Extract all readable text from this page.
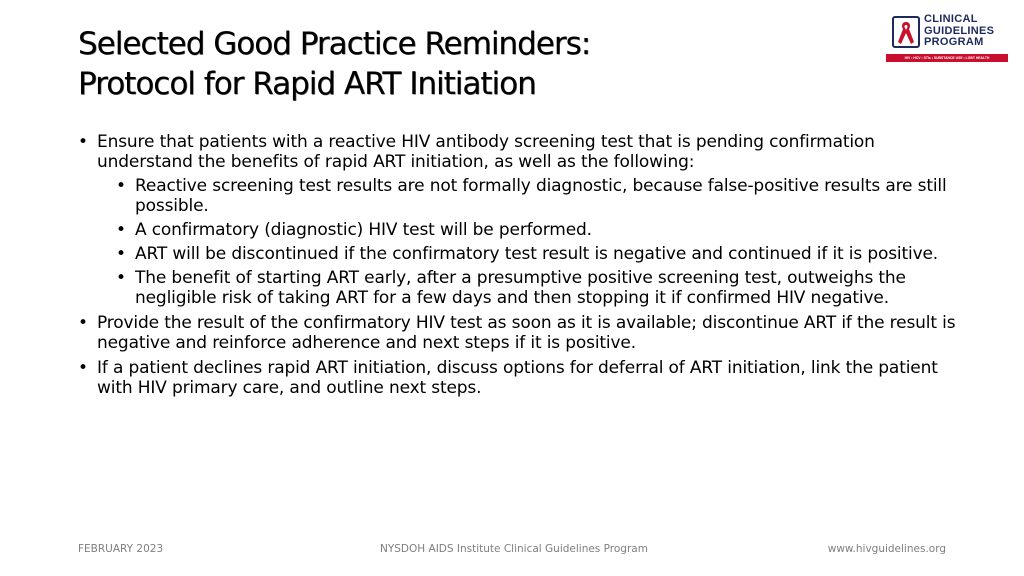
Selected Good Practice Reminders:
Protocol for Rapid ART Initiation
CLINICAL
GUIDELINES
PROGRAM
HIV • HCV • STIs • SUBSTANCE USE • LGBT HEALTH
• Ensure that patients with a reactive HIV antibody screening test that is pending confirmation understand the benefits of rapid ART initiation, as well as the following:
• Reactive screening test results are not formally diagnostic, because false-positive results are still possible.
• A confirmatory (diagnostic) HIV test will be performed.
• ART will be discontinued if the confirmatory test result is negative and continued if it is positive.
• The benefit of starting ART early, after a presumptive positive screening test, outweighs the negligible risk of taking ART for a few days and then stopping it if confirmed HIV negative.
• Provide the result of the confirmatory HIV test as soon as it is available; discontinue ART if the result is negative and reinforce adherence and next steps if it is positive.
• If a patient declines rapid ART initiation, discuss options for deferral of ART initiation, link the patient with HIV primary care, and outline next steps.
FEBRUARY 2023	NYSDOH AIDS Institute Clinical Guidelines Program	www.hivguidelines.org
